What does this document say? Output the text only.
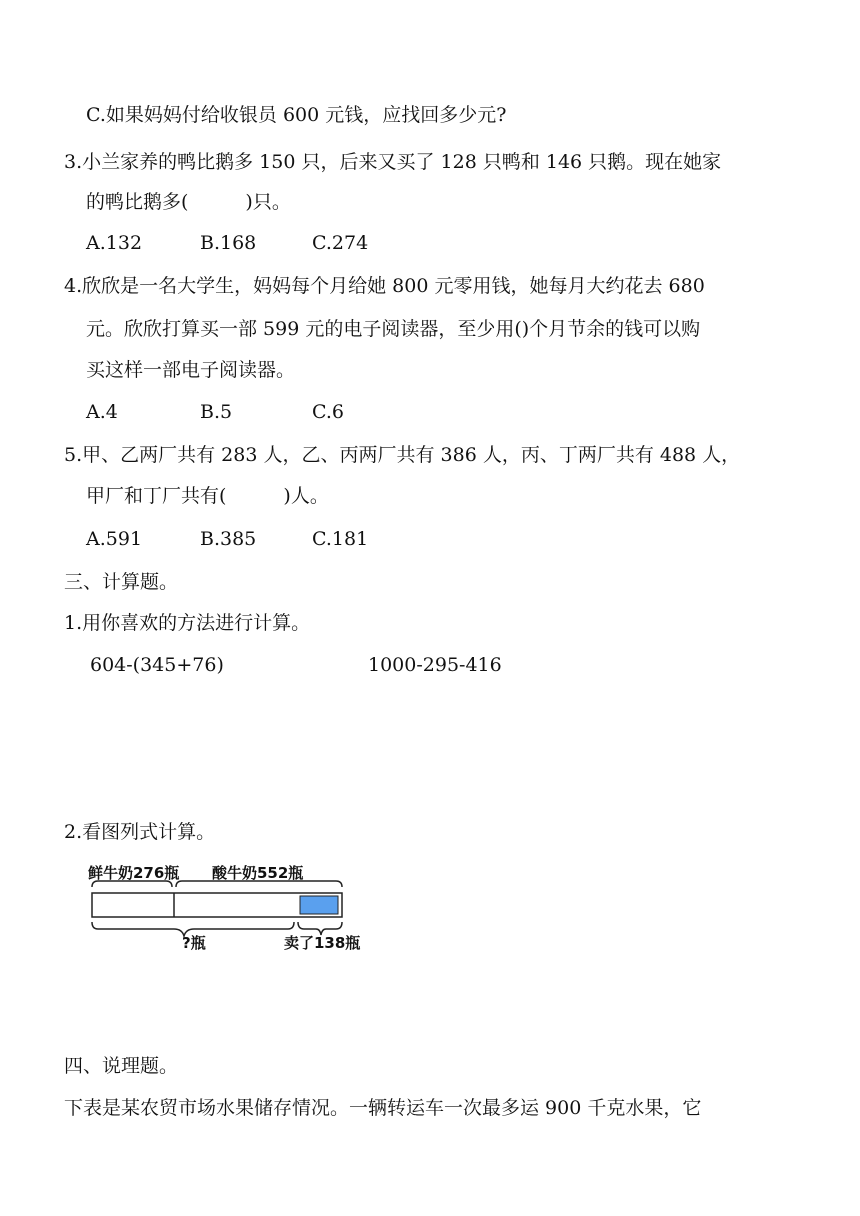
C.如果妈妈付给收银员 600 元钱，应找回多少元?
3.小兰家养的鸭比鹅多 150 只，后来又买了 128 只鸭和 146 只鹅。现在她家
的鸭比鹅多(　　　)只。
A.132	B.168	C.274
4.欣欣是一名大学生，妈妈每个月给她 800 元零用钱，她每月大约花去 680
元。欣欣打算买一部 599 元的电子阅读器，至少用()个月节余的钱可以购
买这样一部电子阅读器。
A.4	B.5	C.6
5.甲、乙两厂共有 283 人，乙、丙两厂共有 386 人，丙、丁两厂共有 488 人，
甲厂和丁厂共有(　　　)人。
A.591	B.385	C.181
三、计算题。
1.用你喜欢的方法进行计算。
604-(345+76)	1000-295-416
2.看图列式计算。
鲜牛奶276瓶 酸牛奶552瓶
?瓶	卖了138瓶
四、说理题。
下表是某农贸市场水果储存情况。一辆转运车一次最多运 900 千克水果，它
